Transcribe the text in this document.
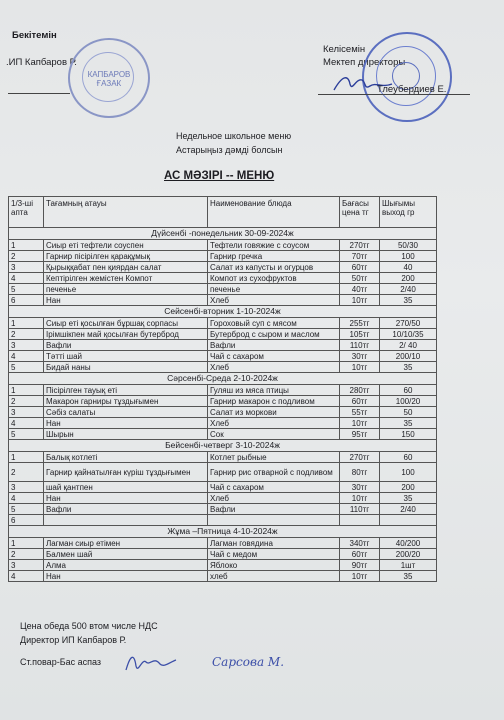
Бекітемін
.ИП Капбаров Р.
КАПБАРОВ
ҒАЗАК
Келісемін
Мектеп директоры
Тлеубердиев Е.
Недельное школьное меню
Астарыңыз дәмді болсын
АС МӘЗІРІ -- МЕНЮ
1/3-ші апта	Тағамның атауы	Наименование блюда	Бағасы цена тг	Шығымы выход гр
Дүйсенбі -понедельник 30-09-2024ж				
1	Сиыр еті тефтели соуспен	Тефтели говяжие с соусом	270тг	50/30
2	Гарнир пісірілген қарақұмық	Гарнир гречка	70тг	100
3	Қырыққабат пен қиярдан салат	Салат из капусты и огурцов	60тг	40
4	Кептірілген жемістен Компот	Компот из сухофруктов	50тг	200
5	печенье	печенье	40тг	2/40
6	Нан	Хлеб	10тг	35
Сейсенбі-вторник 1-10-2024ж				
1	Сиыр еті қосылған бұршақ сорпасы	Гороховый суп с мясом	255тг	270/50
2	Ірімшікпен май қосылған бутерброд	Бутерброд с сыром и маслом	105тг	10/10/35
3	Вафли	Вафли	110тг	2/ 40
4	Тәтті шай	Чай с сахаром	30тг	200/10
5	Бидай наны	Хлеб	10тг	35
Сәрсенбі-Среда 2-10-2024ж				
1	Пісірілген тауық еті	Гуляш из мяса птицы	280тг	60
2	Макарон гарниры тұздығымен	Гарнир макарон с подливом	60тг	100/20
3	Сәбіз салаты	Салат из моркови	55тг	50
4	Нан	Хлеб	10тг	35
5	Шырын	Сок	95тг	150
Бейсенбі-четверг 3-10-2024ж				
1	Балық котлеті	Котлет рыбные	270тг	60
2	Гарнир қайнатылған күріш тұздығымен	Гарнир рис отварной с подливом	80тг	100
3	шай қантпен	Чай с сахаром	30тг	200
4	Нан	Хлеб	10тг	35
5	Вафли	Вафли	110тг	2/40
6				
Жұма –Пятница 4-10-2024ж				
1	Лагман сиыр етімен	Лагман говядина	340тг	40/200
2	Балмен шай	Чай с медом	60тг	200/20
3	Алма	Яблоко	90тг	1шт
4	Нан	хлеб	10тг	35
Цена обеда 500 втом числе НДС
Директор ИП Капбаров Р.
Ст.повар-Бас аспаз	Сарсова М.
